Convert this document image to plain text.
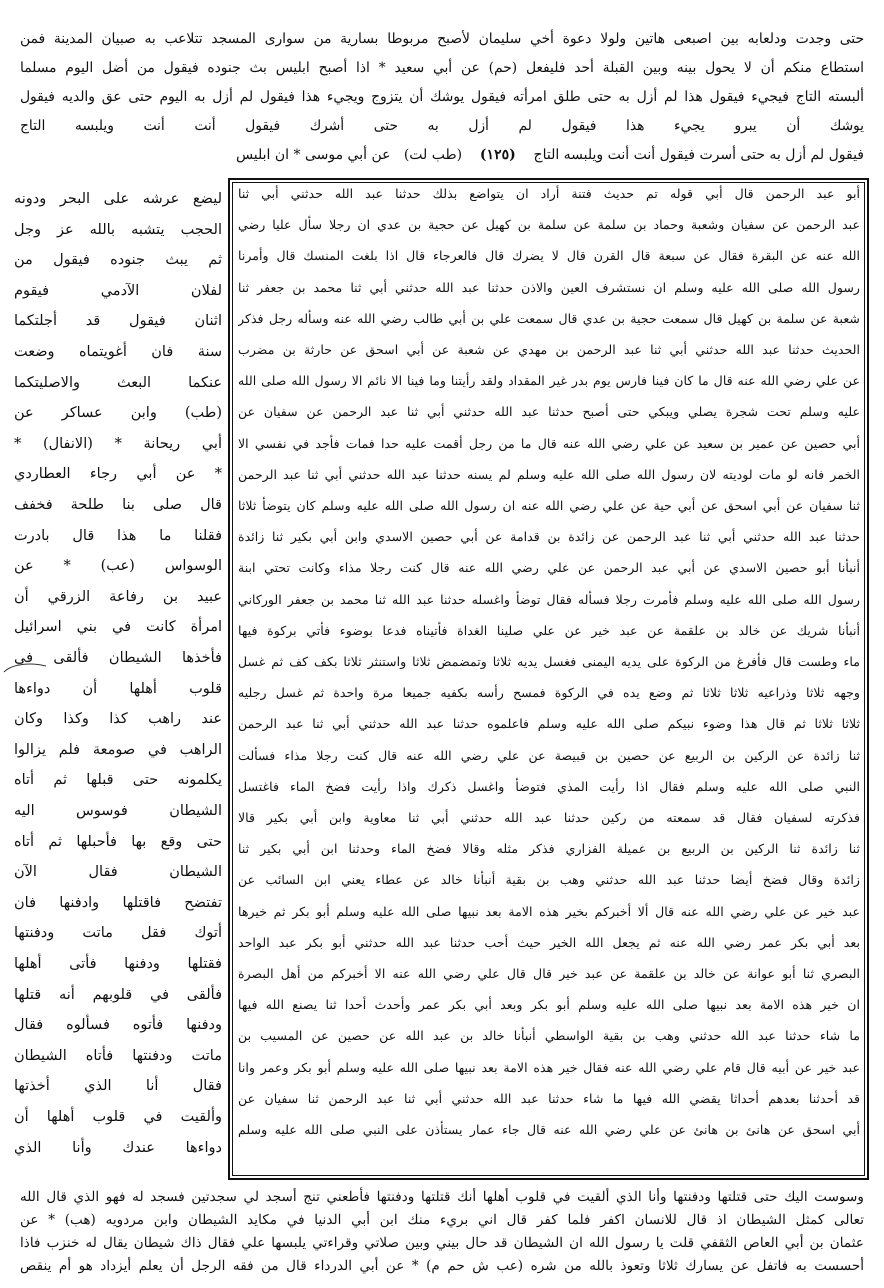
حتى وجدت ودلعابه بين اصبعى هاتين ولولا دعوة أخي سليمان لأصبح مربوطا بسارية من سوارى المسجد تتلاعب به صبيان المدينة فمن
استطاع منكم أن لا يحول بينه وبين القبلة أحد فليفعل (حم) عن أبي سعيد * اذا أصبح ابليس بث جنوده فيقول من أضل اليوم مسلما
ألبسته التاج فيجيء فيقول هذا لم أزل به حتى طلق امرأته فيقول يوشك أن يتزوج ويجيء هذا فيقول لم أزل به اليوم حتى عق والديه فيقول
يوشك أن يبرو يجيء هذا فيقول لم أزل به حتى أشرك فيقول أنت أنت ويلبسه التاج
فيقول لم أزل به حتى أسرت فيقول أنت أنت ويلبسه التاج    (١٢٥)    (طب لت)   عن أبي موسى * ان ابليس
أبو عبد الرحمن قال أبي قوله تم حديث فتنة أراد ان يتواضع بذلك حدثنا عبد الله حدثني أبي ثنا
عبد الرحمن عن سفيان وشعبة وحماد بن سلمة عن سلمة بن كهيل عن حجية بن عدي ان رجلا سأل عليا رضي
الله عنه عن البقرة فقال عن سبعة قال القرن قال لا يضرك قال فالعرجاء قال اذا بلغت المنسك قال وأمرنا
رسول الله صلى الله عليه وسلم ان نستشرف العين والاذن حدثنا عبد الله حدثني أبي ثنا محمد بن جعفر ثنا
شعبة عن سلمة بن كهيل قال سمعت حجية بن عدي قال سمعت علي بن أبي طالب رضي الله عنه وسأله رجل فذكر
الحديث حدثنا عبد الله حدثني أبي ثنا عبد الرحمن بن مهدي عن شعبة عن أبي اسحق عن حارثة بن مضرب
عن علي رضي الله عنه قال ما كان فينا فارس يوم بدر غير المقداد ولقد رأيتنا وما فينا الا نائم الا رسول الله صلى الله
عليه وسلم تحت شجرة يصلي ويبكي حتى أصبح حدثنا عبد الله حدثني أبي ثنا عبد الرحمن عن سفيان عن
أبي حصين عن عمير بن سعيد عن علي رضي الله عنه قال ما من رجل أقمت عليه حدا فمات فأجد في نفسي الا
الخمر فانه لو مات لوديته لان رسول الله صلى الله عليه وسلم لم يسنه حدثنا عبد الله حدثني أبي ثنا عبد الرحمن
ثنا سفيان عن أبي اسحق عن أبي حية عن علي رضي الله عنه ان رسول الله صلى الله عليه وسلم كان يتوضأ ثلاثا
حدثنا عبد الله حدثني أبي ثنا عبد الرحمن عن زائدة بن قدامة عن أبي حصين الاسدي وابن أبي بكير ثنا زائدة
أنبأنا أبو حصين الاسدي عن أبي عبد الرحمن عن علي رضي الله عنه قال كنت رجلا مذاء وكانت تحتي ابنة
رسول الله صلى الله عليه وسلم فأمرت رجلا فسأله فقال توضأ واغسله حدثنا عبد الله ثنا محمد بن جعفر الوركاني
أنبأنا شريك عن خالد بن علقمة عن عبد خير عن علي صلينا الغداة فأتيناه فدعا بوضوء فأتي بركوة فيها
ماء وطست قال فأفرغ من الركوة على يديه اليمنى فغسل يديه ثلاثا وتمضمض ثلاثا واستنثر ثلاثا بكف كف ثم غسل
وجهه ثلاثا وذراعيه ثلاثا ثلاثا ثم وضع يده في الركوة فمسح رأسه بكفيه جميعا مرة واحدة ثم غسل رجليه
ثلاثا ثلاثا ثم قال هذا وضوء نبيكم صلى الله عليه وسلم فاعلموه حدثنا عبد الله حدثني أبي ثنا عبد الرحمن
ثنا زائدة عن الركين بن الربيع عن حصين بن قبيصة عن علي رضي الله عنه قال كنت رجلا مذاء فسألت
النبي صلى الله عليه وسلم فقال اذا رأيت المذي فتوضأ واغسل ذكرك واذا رأيت فضخ الماء فاغتسل
فذكرته لسفيان فقال قد سمعته من ركين حدثنا عبد الله حدثني أبي ثنا معاوية وابن أبي بكير قالا
ثنا زائدة ثنا الركين بن الربيع بن عميلة الفزاري فذكر مثله وقالا فضخ الماء وحدثنا ابن أبي بكير ثنا
زائدة وقال فضخ أيضا حدثنا عبد الله حدثني وهب بن بقية أنبأنا خالد عن عطاء يعني ابن السائب عن
عبد خير عن علي رضي الله عنه قال ألا أخبركم بخير هذه الامة بعد نبيها صلى الله عليه وسلم أبو بكر ثم خيرها
بعد أبي بكر عمر رضي الله عنه ثم يجعل الله الخير حيث أحب حدثنا عبد الله حدثني أبو بكر عبد الواحد
البصري ثنا أبو عوانة عن خالد بن علقمة عن عبد خير قال قال علي رضي الله عنه الا أخبركم من أهل البصرة
ان خير هذه الامة بعد نبيها صلى الله عليه وسلم أبو بكر وبعد أبي بكر عمر وأحدث أحدا ثنا يصنع الله فيها
ما شاء حدثنا عبد الله حدثني وهب بن بقية الواسطي أنبأنا خالد بن عبد الله عن حصين عن المسيب بن
عبد خير عن أبيه قال قام علي رضي الله عنه فقال خير هذه الامة بعد نبيها صلى الله عليه وسلم أبو بكر وعمر وانا
قد أحدثنا بعدهم أحداثا يقضي الله فيها ما شاء حدثنا عبد الله حدثني أبي ثنا عبد الرحمن ثنا سفيان عن
أبي اسحق عن هانئ بن هانئ عن علي رضي الله عنه قال جاء عمار يستأذن على النبي صلى الله عليه وسلم
ليضع عرشه على البحر ودونه
الحجب يتشبه بالله عز وجل
ثم يبث جنوده فيقول من
لفلان الآدمي فيقوم
اثنان فيقول قد أجلتكما
سنة فان أغويتماه وضعت
عنكما البعث والاصليتكما
(طب) وابن عساكر عن
أبي ريحانة * (الانفال) *
* عن أبي رجاء العطاردي
قال صلى بنا طلحة فخفف
فقلنا ما هذا قال بادرت
الوسواس (عب) * عن
عبيد بن رفاعة الزرقي أن
امرأة كانت في بني اسرائيل
فأخذها الشيطان فألقى في
قلوب أهلها أن دواءها
عند راهب كذا وكذا وكان
الراهب في صومعة فلم يزالوا
يكلمونه حتى قبلها ثم أتاه
الشيطان فوسوس اليه
حتى وقع بها فأحبلها ثم أتاه
الشيطان فقال الآن
تفتضح فاقتلها وادفنها فان
أتوك فقل ماتت ودفنتها
فقتلها ودفنها فأتى أهلها
فألقى في قلوبهم أنه قتلها
ودفنها فأتوه فسألوه فقال
ماتت ودفنتها فأتاه الشيطان
فقال أنا الذي أخذتها
وألقيت في قلوب أهلها أن
دواءها عندك وأنا الذي
وسوست اليك حتى قتلتها ودفنتها وأنا الذي ألقيت في قلوب أهلها أنك قتلتها ودفنتها فأطعني تنج أسجد لي سجدتين فسجد له فهو الذي قال الله
تعالى كمثل الشيطان اذ قال للانسان اكفر فلما كفر قال اني بريء منك ابن أبي الدنيا في مكايد الشيطان وابن مردويه (هب) * عن
عثمان بن أبي العاص الثقفي قلت يا رسول الله ان الشيطان قد حال بيني وبين صلاتي وقراءتي يلبسها علي فقال ذاك شيطان يقال له خنزب فاذا
أحسست به فاتفل عن يسارك ثلاثا وتعوذ بالله من شره (عب ش حم م) * عن أبي الدرداء قال من فقه الرجل أن يعلم أيزداد هو أم ينقص
